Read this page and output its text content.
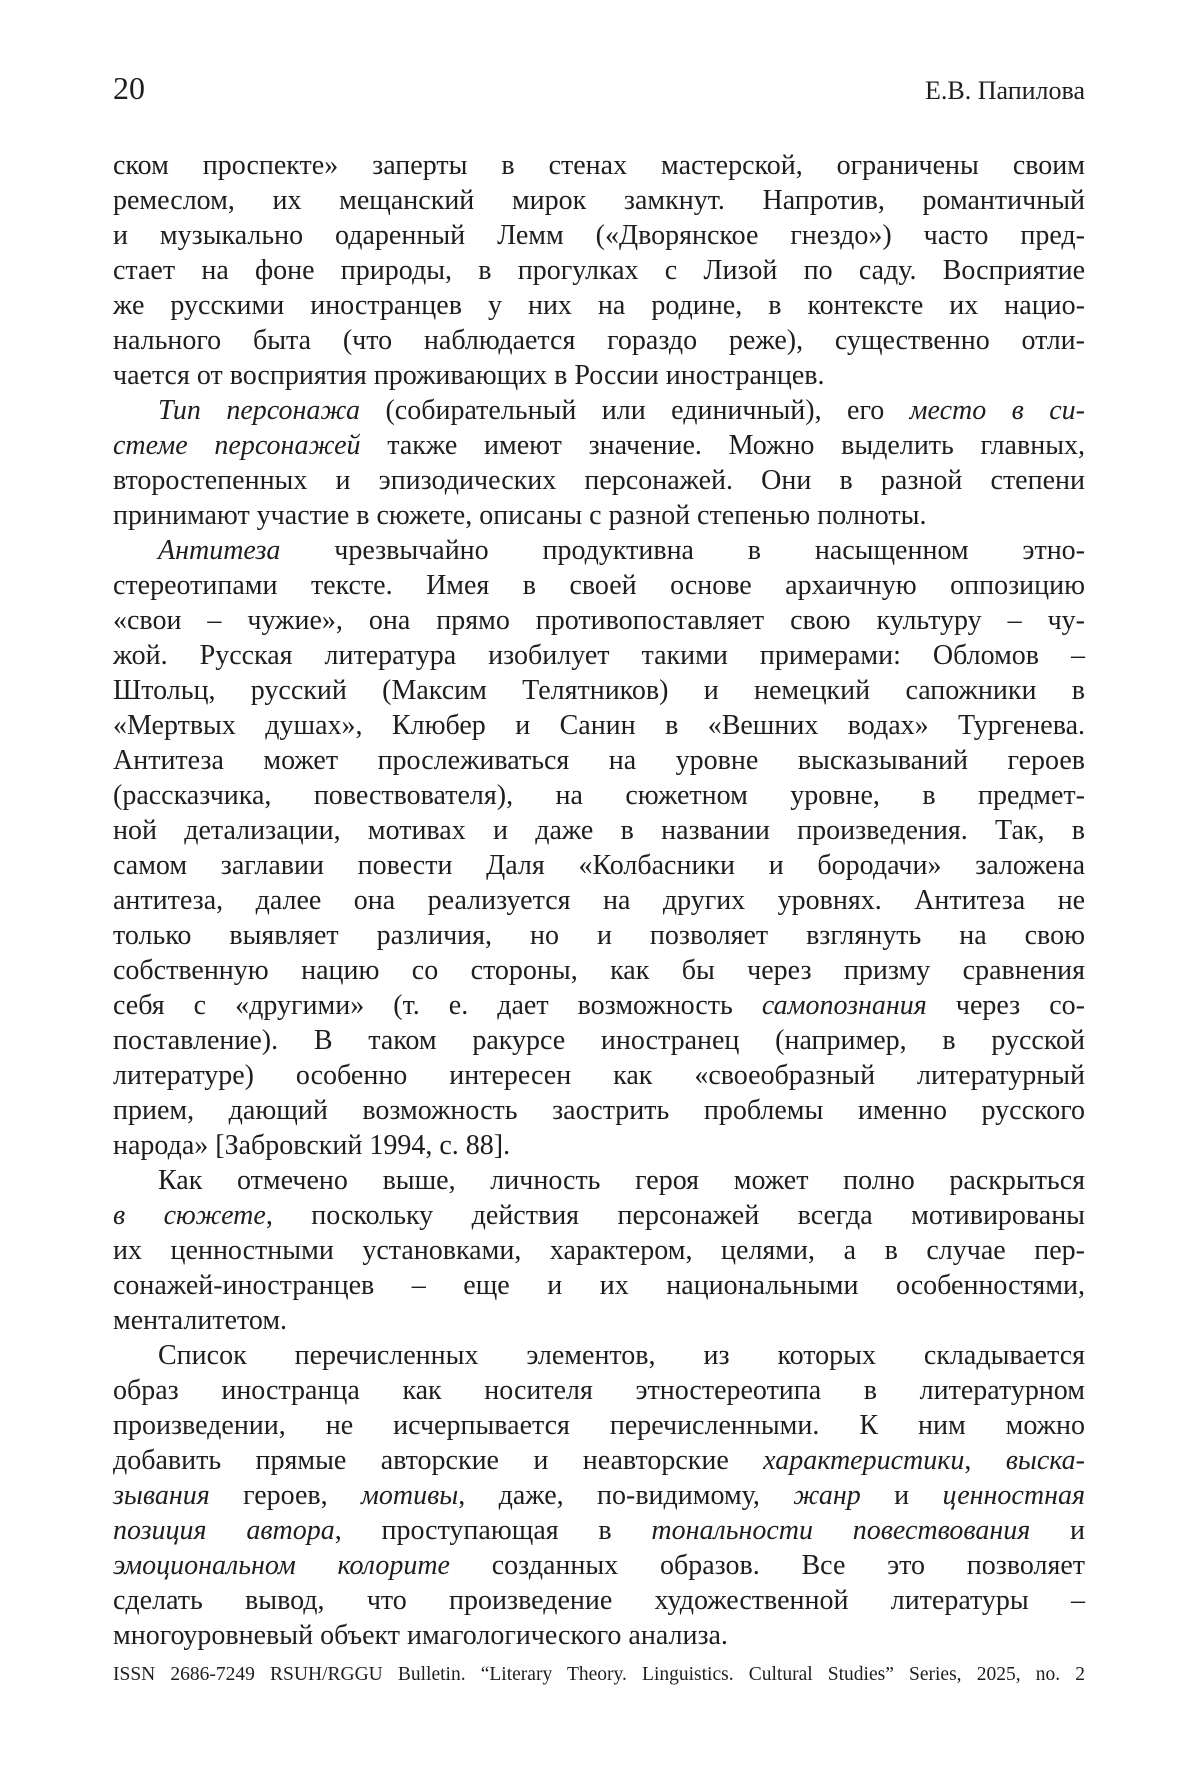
20	Е.В. Папилова
ском проспекте» заперты в стенах мастерской, ограничены своим
ремеслом, их мещанский мирок замкнут. Напротив, романтичный
и музыкально одаренный Лемм («Дворянское гнездо») часто пред-
стает на фоне природы, в прогулках с Лизой по саду. Восприятие
же русскими иностранцев у них на родине, в контексте их нацио-
нального быта (что наблюдается гораздо реже), существенно отли-
чается от восприятия проживающих в России иностранцев.
Тип персонажа (собирательный или единичный), его место в си-
стеме персонажей также имеют значение. Можно выделить главных,
второстепенных и эпизодических персонажей. Они в разной степени
принимают участие в сюжете, описаны с разной степенью полноты.
Антитеза чрезвычайно продуктивна в насыщенном этно-
стереотипами тексте. Имея в своей основе архаичную оппозицию
«свои – чужие», она прямо противопоставляет свою культуру – чу-
жой. Русская литература изобилует такими примерами: Обломов –
Штольц, русский (Максим Телятников) и немецкий сапожники в
«Мертвых душах», Клюбер и Санин в «Вешних водах» Тургенева.
Антитеза может прослеживаться на уровне высказываний героев
(рассказчика, повествователя), на сюжетном уровне, в предмет-
ной детализации, мотивах и даже в названии произведения. Так, в
самом заглавии повести Даля «Колбасники и бородачи» заложена
антитеза, далее она реализуется на других уровнях. Антитеза не
только выявляет различия, но и позволяет взглянуть на свою
собственную нацию со стороны, как бы через призму сравнения
себя с «другими» (т. е. дает возможность самопознания через со-
поставление). В таком ракурсе иностранец (например, в русской
литературе) особенно интересен как «своеобразный литературный
прием, дающий возможность заострить проблемы именно русского
народа» [Забровский 1994, с. 88].
Как отмечено выше, личность героя может полно раскрыться
в сюжете, поскольку действия персонажей всегда мотивированы
их ценностными установками, характером, целями, а в случае пер-
сонажей-иностранцев – еще и их национальными особенностями,
менталитетом.
Список перечисленных элементов, из которых складывается
образ иностранца как носителя этностереотипа в литературном
произведении, не исчерпывается перечисленными. К ним можно
добавить прямые авторские и неавторские характеристики, выска-
зывания героев, мотивы, даже, по-видимому, жанр и ценностная
позиция автора, проступающая в тональности повествования и
эмоциональном колорите созданных образов. Все это позволяет
сделать вывод, что произведение художественной литературы –
многоуровневый объект имагологического анализа.
ISSN 2686-7249 RSUH/RGGU Bulletin. “Literary Theory. Linguistics. Cultural Studies” Series, 2025, no. 2
